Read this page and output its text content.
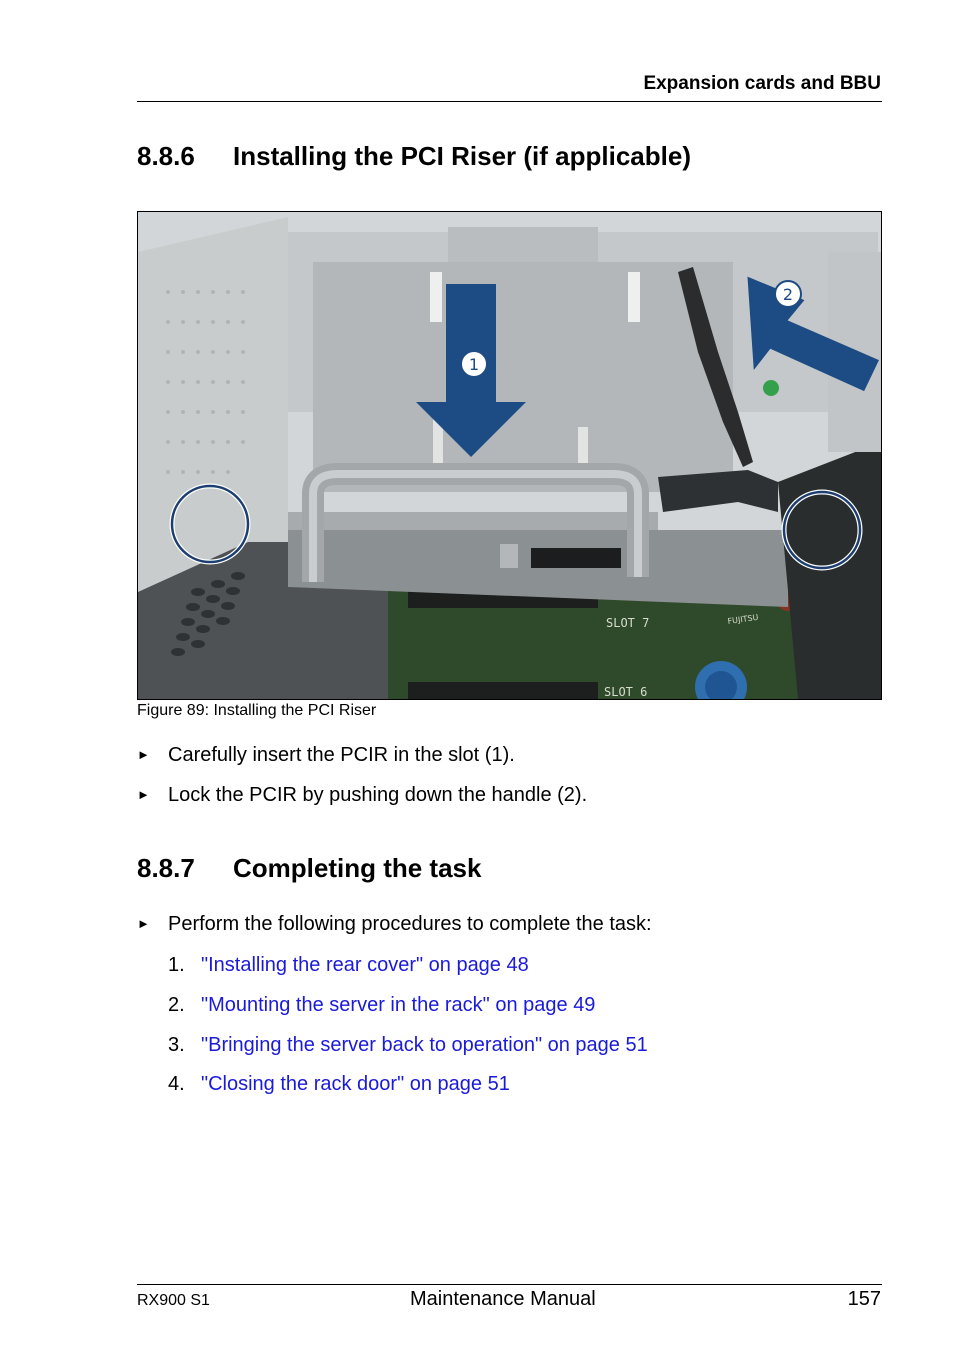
Expansion cards and BBU
8.8.6 Installing the PCI Riser (if applicable)
SLOT 7
SLOT 6
FUJITSU
1
2
Figure 89: Installing the PCI Riser
► Carefully insert the PCIR in the slot (1).
► Lock the PCIR by pushing down the handle (2).
8.8.7 Completing the task
► Perform the following procedures to complete the task:
1. "Installing the rear cover" on page 48
2. "Mounting the server in the rack" on page 49
3. "Bringing the server back to operation" on page 51
4. "Closing the rack door" on page 51
RX900 S1	Maintenance Manual	157
